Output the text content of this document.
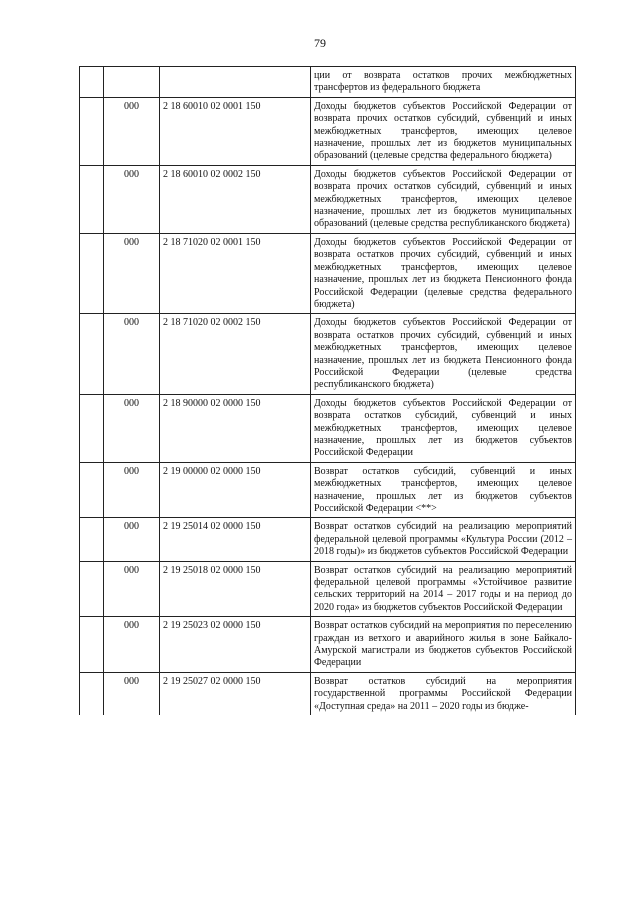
79
			ции от возврата остатков прочих межбюджетных трансфертов из федерального бюджета
	000	2 18 60010 02 0001 150	Доходы бюджетов субъектов Российской Федерации от возврата прочих остатков субсидий, субвенций и иных межбюджетных трансфертов, имеющих целевое назначение, прошлых лет из бюджетов муниципальных образований (целевые средства федерального бюджета)
	000	2 18 60010 02 0002 150	Доходы бюджетов субъектов Российской Федерации от возврата прочих остатков субсидий, субвенций и иных межбюджетных трансфертов, имеющих целевое назначение, прошлых лет из бюджетов муниципальных образований (целевые средства республиканского бюджета)
	000	2 18 71020 02 0001 150	Доходы бюджетов субъектов Российской Федерации от возврата остатков прочих субсидий, субвенций и иных межбюджетных трансфертов, имеющих целевое назначение, прошлых лет из бюджета Пенсионного фонда Российской Федерации (целевые средства федерального бюджета)
	000	2 18 71020 02 0002 150	Доходы бюджетов субъектов Российской Федерации от возврата остатков прочих субсидий, субвенций и иных межбюджетных трансфертов, имеющих целевое назначение, прошлых лет из бюджета Пенсионного фонда Российской Федерации (целевые средства республиканского бюджета)
	000	2 18 90000 02 0000 150	Доходы бюджетов субъектов Российской Федерации от возврата остатков субсидий, субвенций и иных межбюджетных трансфертов, имеющих целевое назначение, прошлых лет из бюджетов субъектов Российской Федерации
	000	2 19 00000 02 0000 150	Возврат остатков субсидий, субвенций и иных межбюджетных трансфертов, имеющих целевое назначение, прошлых лет из бюджетов субъектов Российской Федерации <**>
	000	2 19 25014 02 0000 150	Возврат остатков субсидий на реализацию мероприятий федеральной целевой программы «Культура России (2012 – 2018 годы)» из бюджетов субъектов Российской Федерации
	000	2 19 25018 02 0000 150	Возврат остатков субсидий на реализацию мероприятий федеральной целевой программы «Устойчивое развитие сельских территорий на 2014 – 2017 годы и на период до 2020 года» из бюджетов субъектов Российской Федерации
	000	2 19 25023 02 0000 150	Возврат остатков субсидий на мероприятия по переселению граждан из ветхого и аварийного жилья в зоне Байкало-Амурской магистрали из бюджетов субъектов Российской Федерации
	000	2 19 25027 02 0000 150	Возврат остатков субсидий на мероприятия государственной программы Российской Федерации «Доступная среда» на 2011 – 2020 годы из бюдже-
